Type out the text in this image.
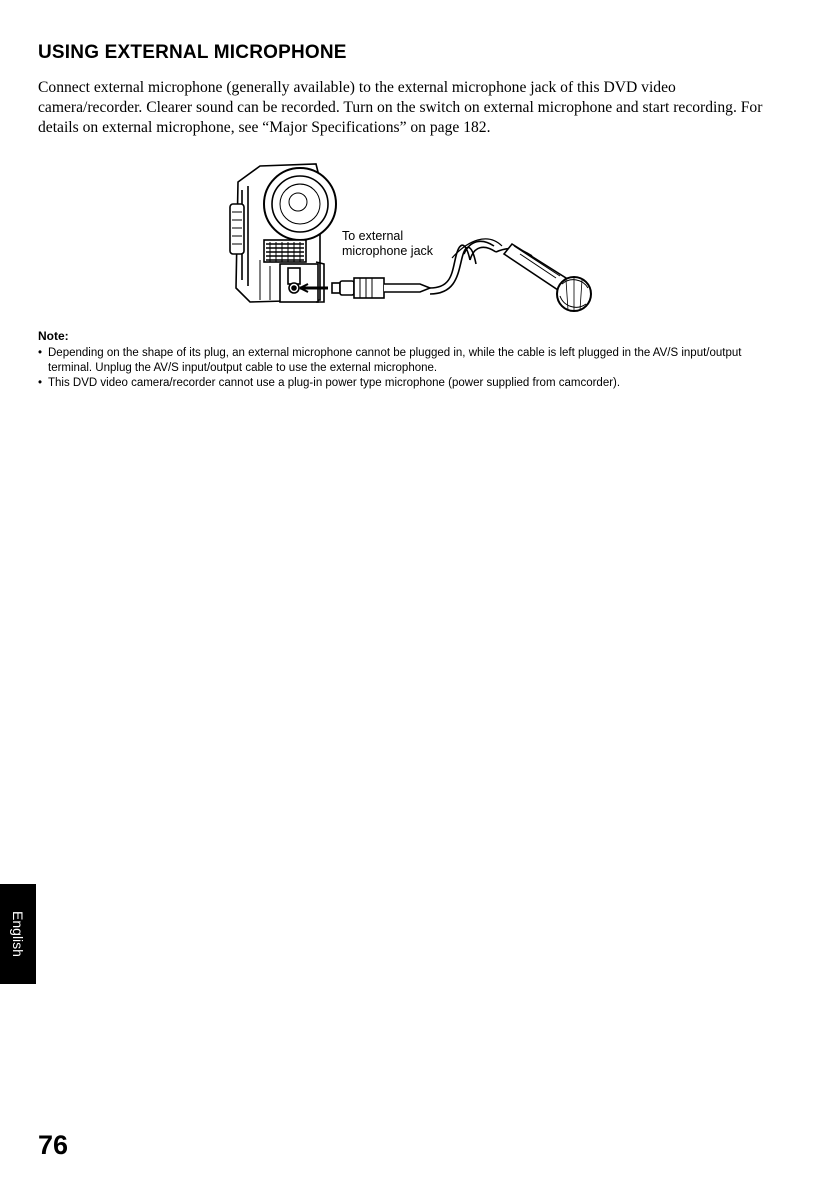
USING EXTERNAL MICROPHONE

Connect external microphone (generally available) to the external microphone jack of this DVD video camera/recorder. Clearer sound can be recorded. Turn on the switch on external microphone and start recording. For details on external microphone, see “Major Specifications” on page 182.

To external
microphone jack
Note:
• Depending on the shape of its plug, an external microphone cannot be plugged in, while the cable is left plugged in the AV/S input/output terminal. Unplug the AV/S input/output cable to use the external microphone.
• This DVD video camera/recorder cannot use a plug-in power type microphone (power supplied from camcorder).
English
76
